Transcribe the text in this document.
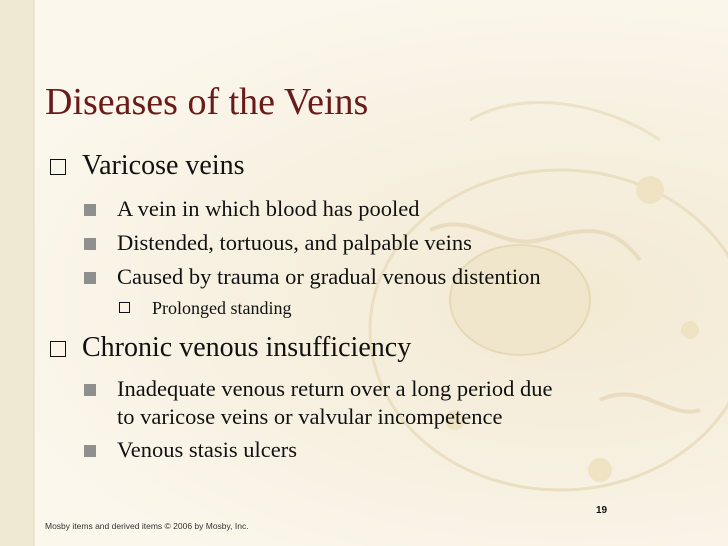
Diseases of the Veins
Varicose veins
A vein in which blood has pooled
Distended, tortuous, and palpable veins
Caused by trauma or gradual venous distention
Prolonged standing
Chronic venous insufficiency
Inadequate venous return over a long period due
to varicose veins or valvular incompetence
Venous stasis ulcers
19
Mosby items and derived items © 2006 by Mosby, Inc.
